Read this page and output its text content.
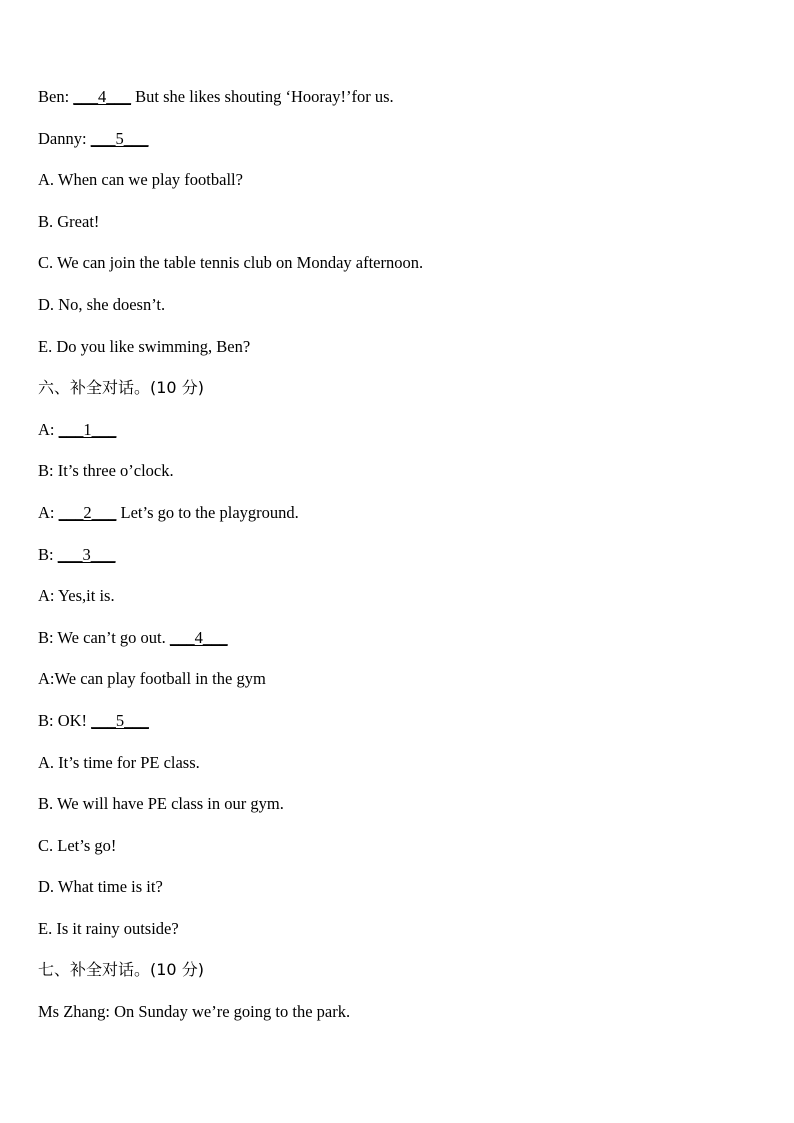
Ben: ___4___ But she likes shouting ‘Hooray!’for us.
Danny: ___5___
A. When can we play football?
B. Great!
C. We can join the table tennis club on Monday afternoon.
D. No, she doesn’t.
E. Do you like swimming, Ben?
六、补全对话。(10 分)
A: ___1___
B: It’s three o’clock.
A: ___2___ Let’s go to the playground.
B: ___3___
A: Yes,it is.
B: We can’t go out. ___4___
A:We can play football in the gym
B: OK! ___5___
A. It’s time for PE class.
B. We will have PE class in our gym.
C. Let’s go!
D. What time is it?
E. Is it rainy outside?
七、补全对话。(10 分)
Ms Zhang: On Sunday we’re going to the park.
